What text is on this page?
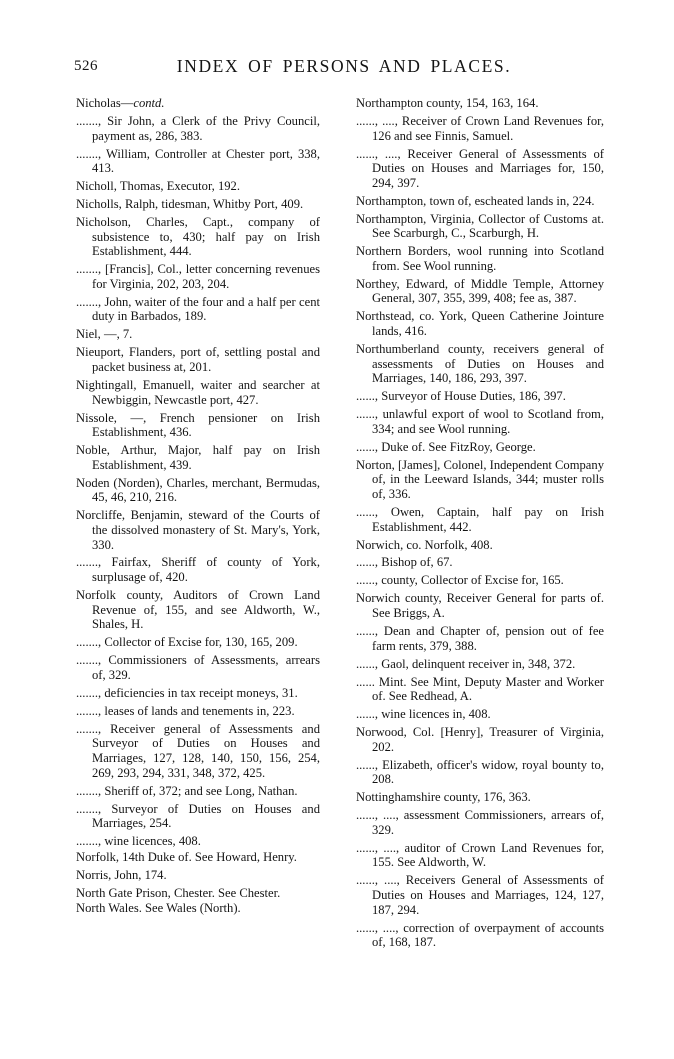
526	INDEX OF PERSONS AND PLACES.
Nicholas—contd.
......., Sir John, a Clerk of the Privy Council, payment as, 286, 383.
......., William, Controller at Chester port, 338, 413.
Nicholl, Thomas, Executor, 192.
Nicholls, Ralph, tidesman, Whitby Port, 409.
Nicholson, Charles, Capt., company of subsistence to, 430; half pay on Irish Establishment, 444.
......., [Francis], Col., letter concerning revenues for Virginia, 202, 203, 204.
......., John, waiter of the four and a half per cent duty in Barbados, 189.
Niel, —, 7.
Nieuport, Flanders, port of, settling postal and packet business at, 201.
Nightingall, Emanuell, waiter and searcher at Newbiggin, Newcastle port, 427.
Nissole, —, French pensioner on Irish Establishment, 436.
Noble, Arthur, Major, half pay on Irish Establishment, 439.
Noden (Norden), Charles, merchant, Bermudas, 45, 46, 210, 216.
Norcliffe, Benjamin, steward of the Courts of the dissolved monastery of St. Mary's, York, 330.
......., Fairfax, Sheriff of county of York, surplusage of, 420.
Norfolk county, Auditors of Crown Land Revenue of, 155, and see Aldworth, W., Shales, H.
......., Collector of Excise for, 130, 165, 209.
......., Commissioners of Assessments, arrears of, 329.
......., deficiencies in tax receipt moneys, 31.
......., leases of lands and tenements in, 223.
......., Receiver general of Assessments and Surveyor of Duties on Houses and Marriages, 127, 128, 140, 150, 156, 254, 269, 293, 294, 331, 348, 372, 425.
......., Sheriff of, 372; and see Long, Nathan.
......., Surveyor of Duties on Houses and Marriages, 254.
......., wine licences, 408.
Norfolk, 14th Duke of. See Howard, Henry.
Norris, John, 174.
North Gate Prison, Chester. See Chester.
North Wales. See Wales (North).
Northampton county, 154, 163, 164.
......, ...., Receiver of Crown Land Revenues for, 126 and see Finnis, Samuel.
......, ...., Receiver General of Assessments of Duties on Houses and Marriages for, 150, 294, 397.
Northampton, town of, escheated lands in, 224.
Northampton, Virginia, Collector of Customs at. See Scarburgh, C., Scarburgh, H.
Northern Borders, wool running into Scotland from. See Wool running.
Northey, Edward, of Middle Temple, Attorney General, 307, 355, 399, 408; fee as, 387.
Northstead, co. York, Queen Catherine Jointure lands, 416.
Northumberland county, receivers general of assessments of Duties on Houses and Marriages, 140, 186, 293, 397.
......, Surveyor of House Duties, 186, 397.
......, unlawful export of wool to Scotland from, 334; and see Wool running.
......, Duke of. See FitzRoy, George.
Norton, [James], Colonel, Independent Company of, in the Leeward Islands, 344; muster rolls of, 336.
......, Owen, Captain, half pay on Irish Establishment, 442.
Norwich, co. Norfolk, 408.
......, Bishop of, 67.
......, county, Collector of Excise for, 165.
Norwich county, Receiver General for parts of. See Briggs, A.
......, Dean and Chapter of, pension out of fee farm rents, 379, 388.
......, Gaol, delinquent receiver in, 348, 372.
...... Mint. See Mint, Deputy Master and Worker of. See Redhead, A.
......, wine licences in, 408.
Norwood, Col. [Henry], Treasurer of Virginia, 202.
......, Elizabeth, officer's widow, royal bounty to, 208.
Nottinghamshire county, 176, 363.
......, ...., assessment Commissioners, arrears of, 329.
......, ...., auditor of Crown Land Revenues for, 155. See Aldworth, W.
......, ...., Receivers General of Assessments of Duties on Houses and Marriages, 124, 127, 187, 294.
......, ...., correction of overpayment of accounts of, 168, 187.
